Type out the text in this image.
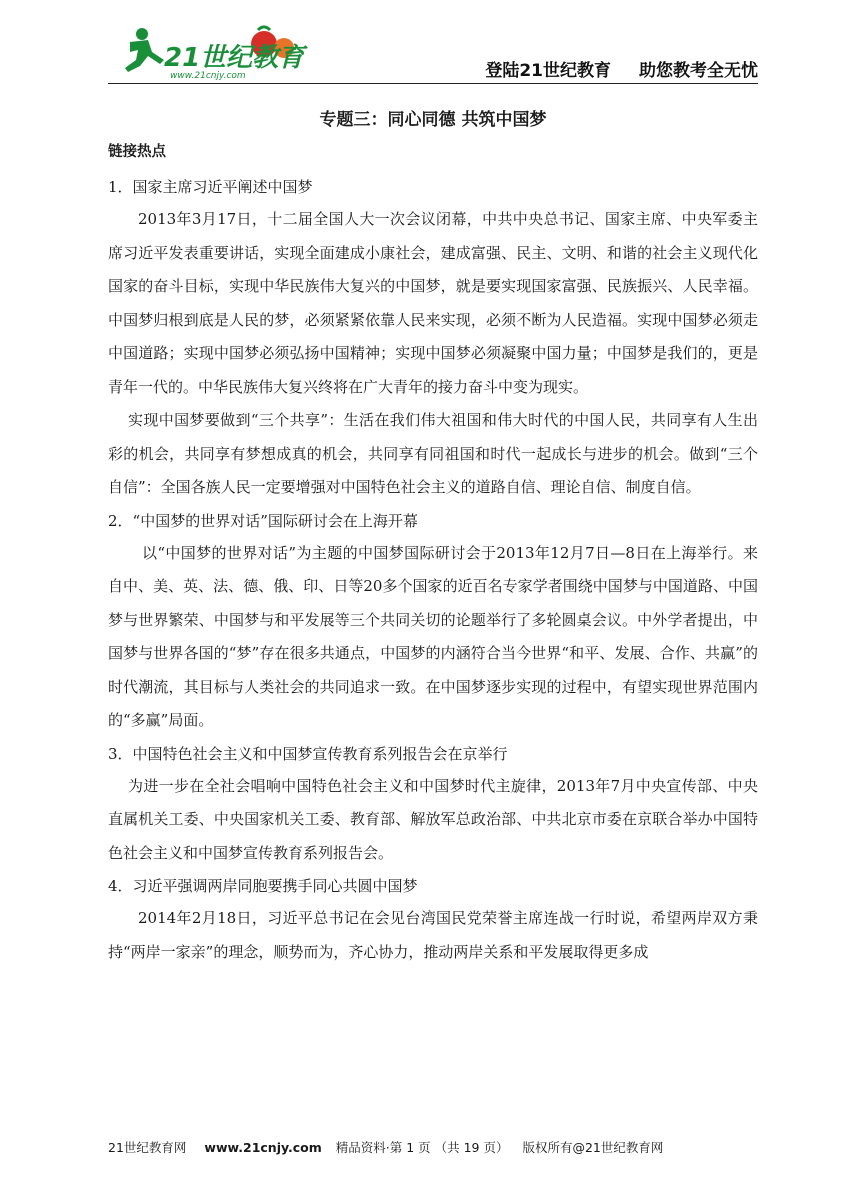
21世纪教育
www.21cnjy.com	登陆21世纪教育 助您教考全无忧
专题三：同心同德 共筑中国梦
链接热点

1．国家主席习近平阐述中国梦

2013年3月17日，十二届全国人大一次会议闭幕，中共中央总书记、国家主席、中央军委主席习近平发表重要讲话，实现全面建成小康社会，建成富强、民主、文明、和谐的社会主义现代化国家的奋斗目标，实现中华民族伟大复兴的中国梦，就是要实现国家富强、民族振兴、人民幸福。中国梦归根到底是人民的梦，必须紧紧依靠人民来实现，必须不断为人民造福。实现中国梦必须走中国道路；实现中国梦必须弘扬中国精神；实现中国梦必须凝聚中国力量；中国梦是我们的，更是青年一代的。中华民族伟大复兴终将在广大青年的接力奋斗中变为现实。

实现中国梦要做到“三个共享”：生活在我们伟大祖国和伟大时代的中国人民，共同享有人生出彩的机会，共同享有梦想成真的机会，共同享有同祖国和时代一起成长与进步的机会。做到“三个自信”：全国各族人民一定要增强对中国特色社会主义的道路自信、理论自信、制度自信。

2．“中国梦的世界对话”国际研讨会在上海开幕

以“中国梦的世界对话”为主题的中国梦国际研讨会于2013年12月7日—8日在上海举行。来自中、美、英、法、德、俄、印、日等20多个国家的近百名专家学者围绕中国梦与中国道路、中国梦与世界繁荣、中国梦与和平发展等三个共同关切的论题举行了多轮圆桌会议。中外学者提出，中国梦与世界各国的“梦”存在很多共通点，中国梦的内涵符合当今世界“和平、发展、合作、共赢”的时代潮流，其目标与人类社会的共同追求一致。在中国梦逐步实现的过程中，有望实现世界范围内的“多赢”局面。

3．中国特色社会主义和中国梦宣传教育系列报告会在京举行

为进一步在全社会唱响中国特色社会主义和中国梦时代主旋律，2013年7月中央宣传部、中央直属机关工委、中央国家机关工委、教育部、解放军总政治部、中共北京市委在京联合举办中国特色社会主义和中国梦宣传教育系列报告会。

4．习近平强调两岸同胞要携手同心共圆中国梦

2014年2月18日，习近平总书记在会见台湾国民党荣誉主席连战一行时说，希望两岸双方秉持“两岸一家亲”的理念，顺势而为，齐心协力，推动两岸关系和平发展取得更多成

21世纪教育网 www.21cnjy.com 精品资料·第 1 页 （共 19 页） 版权所有@21世纪教育网
